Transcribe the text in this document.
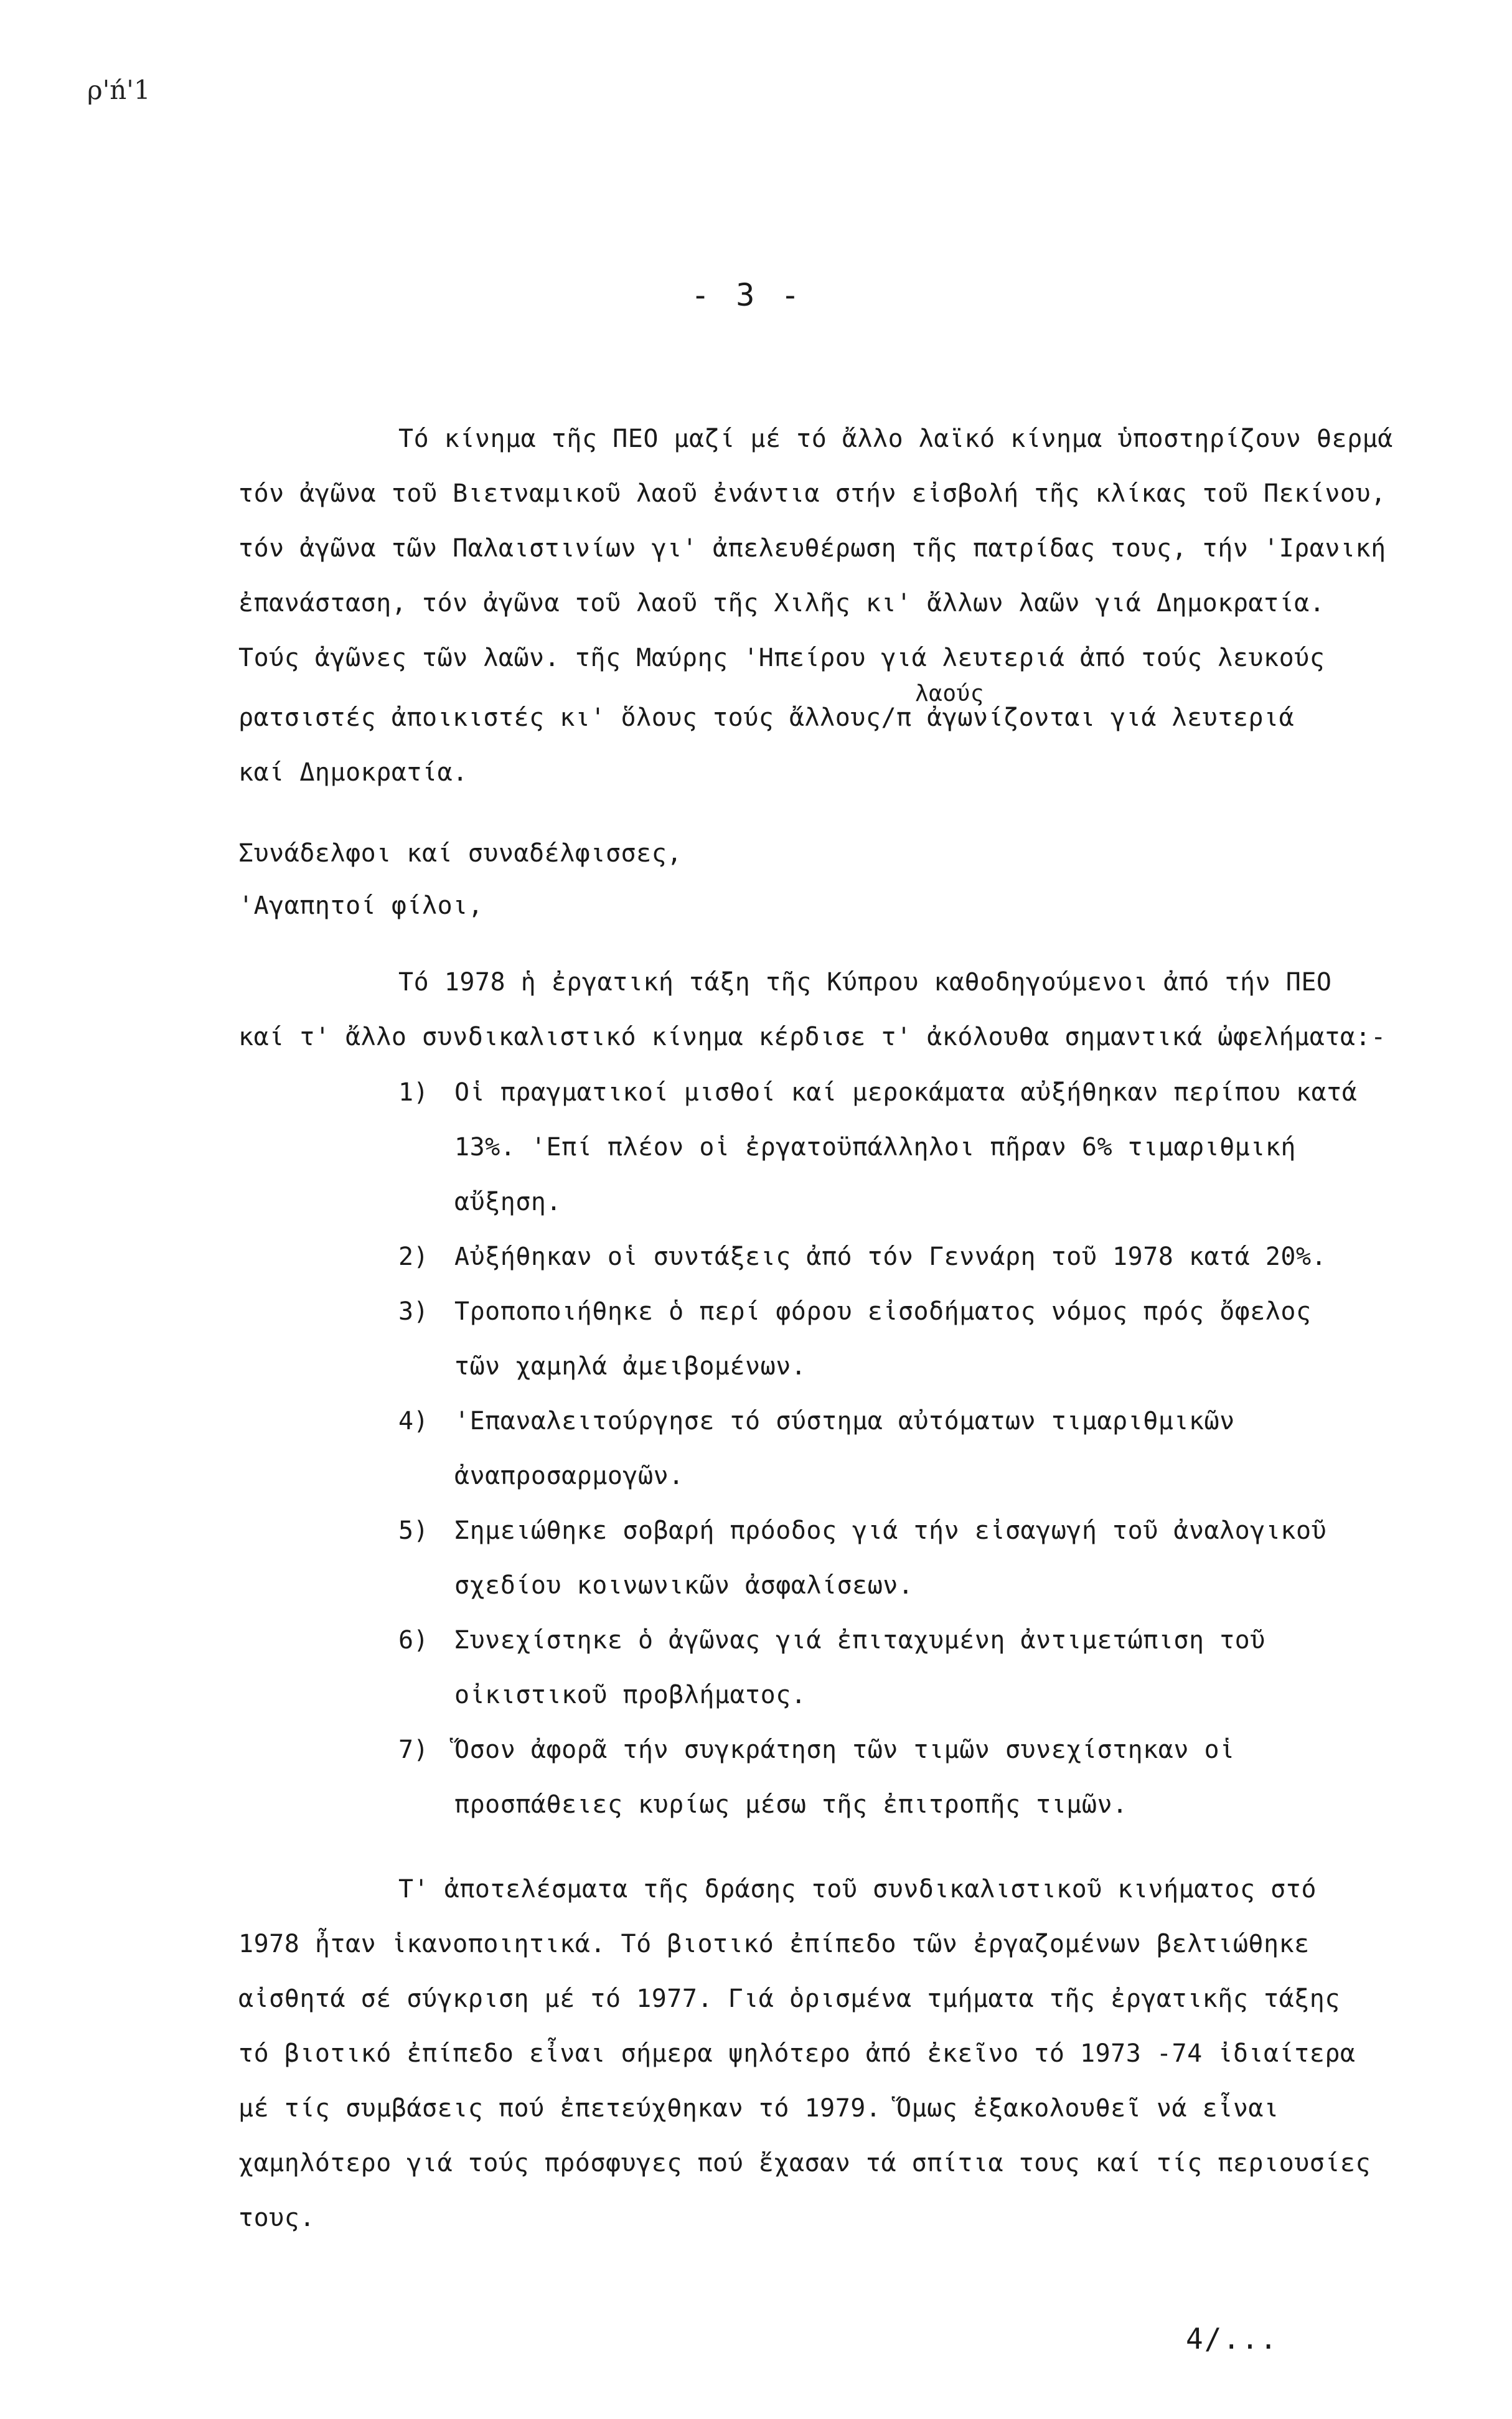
ρ'ń'1
- 3 -
Τό κίνημα τῆς ΠΕΟ μαζί μέ τό ἄλλο λαϊκό κίνημα ὑποστηρίζουν θερμά
τόν ἀγῶνα τοῦ Βιετναμικοῦ λαοῦ ἐνάντια στήν εἰσβολή τῆς κλίκας τοῦ Πεκίνου,
τόν ἀγῶνα τῶν Παλαιστινίων γι' ἀπελευθέρωση τῆς πατρίδας τους, τήν 'Ιρανική
ἐπανάσταση, τόν ἀγῶνα τοῦ λαοῦ τῆς Χιλῆς κι' ἄλλων λαῶν γιά Δημοκρατία.
Τούς ἀγῶνες τῶν λαῶν. τῆς Μαύρης 'Ηπείρου γιά λευτεριά ἀπό τούς λευκούς
ρατσιστές ἀποικιστές κι' ὅλους τούς ἄλλους/π ἀγωνίζονται γιά λευτεριά
λαούς
καί Δημοκρατία.
Συνάδελφοι καί συναδέλφισσες,
'Αγαπητοί φίλοι,
Τό 1978 ἡ ἐργατική τάξη τῆς Κύπρου καθοδηγούμενοι ἀπό τήν ΠΕΟ
καί τ' ἄλλο συνδικαλιστικό κίνημα κέρδισε τ' ἀκόλουθα σημαντικά ὠφελήματα:-
1) Οἱ πραγματικοί μισθοί καί μεροκάματα αὐξήθηκαν περίπου κατά
13%. 'Επί πλέον οἱ ἐργατοϋπάλληλοι πῆραν 6% τιμαριθμική
αὔξηση.
2) Αὐξήθηκαν οἱ συντάξεις ἀπό τόν Γεννάρη τοῦ 1978 κατά 20%.
3) Τροποποιήθηκε ὁ περί φόρου εἰσοδήματος νόμος πρός ὄφελος
τῶν χαμηλά ἀμειβομένων.
4) 'Επαναλειτούργησε τό σύστημα αὐτόματων τιμαριθμικῶν
ἀναπροσαρμογῶν.
5) Σημειώθηκε σοβαρή πρόοδος γιά τήν εἰσαγωγή τοῦ ἀναλογικοῦ
σχεδίου κοινωνικῶν ἀσφαλίσεων.
6) Συνεχίστηκε ὁ ἀγῶνας γιά ἐπιταχυμένη ἀντιμετώπιση τοῦ
οἰκιστικοῦ προβλήματος.
7) Ὅσον ἀφορᾶ τήν συγκράτηση τῶν τιμῶν συνεχίστηκαν οἱ
προσπάθειες κυρίως μέσω τῆς ἐπιτροπῆς τιμῶν.
Τ' ἀποτελέσματα τῆς δράσης τοῦ συνδικαλιστικοῦ κινήματος στό
1978 ἦταν ἱκανοποιητικά. Τό βιοτικό ἐπίπεδο τῶν ἐργαζομένων βελτιώθηκε
αἰσθητά σέ σύγκριση μέ τό 1977. Γιά ὁρισμένα τμήματα τῆς ἐργατικῆς τάξης
τό βιοτικό ἐπίπεδο εἶναι σήμερα ψηλότερο ἀπό ἐκεῖνο τό 1973 -74 ἰδιαίτερα
μέ τίς συμβάσεις πού ἐπετεύχθηκαν τό 1979. Ὅμως ἐξακολουθεῖ νά εἶναι
χαμηλότερο γιά τούς πρόσφυγες πού ἔχασαν τά σπίτια τους καί τίς περιουσίες
τους.
4/...
